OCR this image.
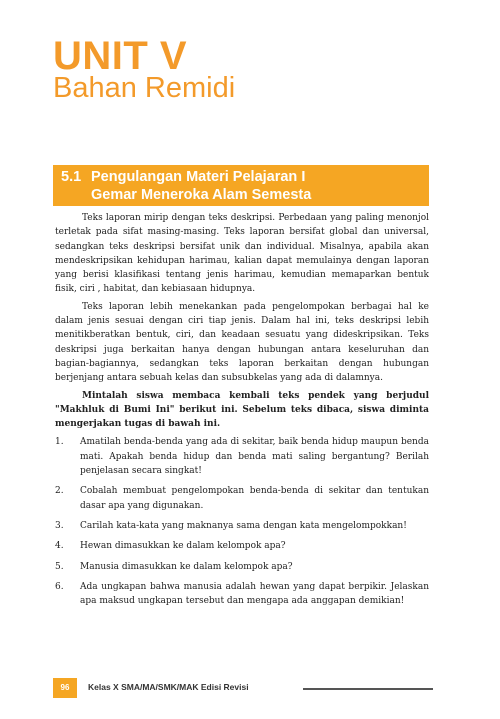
UNIT V
Bahan Remidi
5.1 Pengulangan Materi Pelajaran I
Gemar Meneroka Alam Semesta

Teks laporan mirip dengan teks deskripsi. Perbedaan yang paling menonjol terletak pada sifat masing-masing. Teks laporan bersifat global dan universal, sedangkan teks deskripsi bersifat unik dan individual. Misalnya, apabila akan mendeskripsikan kehidupan harimau, kalian dapat memulainya dengan laporan yang berisi klasifikasi tentang jenis harimau, kemudian memaparkan bentuk fisik, ciri , habitat, dan kebiasaan hidupnya.

Teks laporan lebih menekankan pada pengelompokan berbagai hal ke dalam jenis sesuai dengan ciri tiap jenis. Dalam hal ini, teks deskripsi lebih menitikberatkan bentuk, ciri, dan keadaan sesuatu yang dideskripsikan. Teks deskripsi juga berkaitan hanya dengan hubungan antara keseluruhan dan bagian-bagiannya, sedangkan teks laporan berkaitan dengan hubungan berjenjang antara sebuah kelas dan subsubkelas yang ada di dalamnya.

Mintalah siswa membaca kembali teks pendek yang berjudul "Makhluk di Bumi Ini" berikut ini. Sebelum teks dibaca, siswa diminta mengerjakan tugas di bawah ini.

1. Amatilah benda-benda yang ada di sekitar, baik benda hidup maupun benda mati. Apakah benda hidup dan benda mati saling bergantung? Berilah penjelasan secara singkat!
2. Cobalah membuat pengelompokan benda-benda di sekitar dan tentukan dasar apa yang digunakan.
3. Carilah kata-kata yang maknanya sama dengan kata mengelompokkan!
4. Hewan dimasukkan ke dalam kelompok apa?
5. Manusia dimasukkan ke dalam kelompok apa?
6. Ada ungkapan bahwa manusia adalah hewan yang dapat berpikir. Jelaskan apa maksud ungkapan tersebut dan mengapa ada anggapan demikian!
96	Kelas X SMA/MA/SMK/MAK Edisi Revisi
